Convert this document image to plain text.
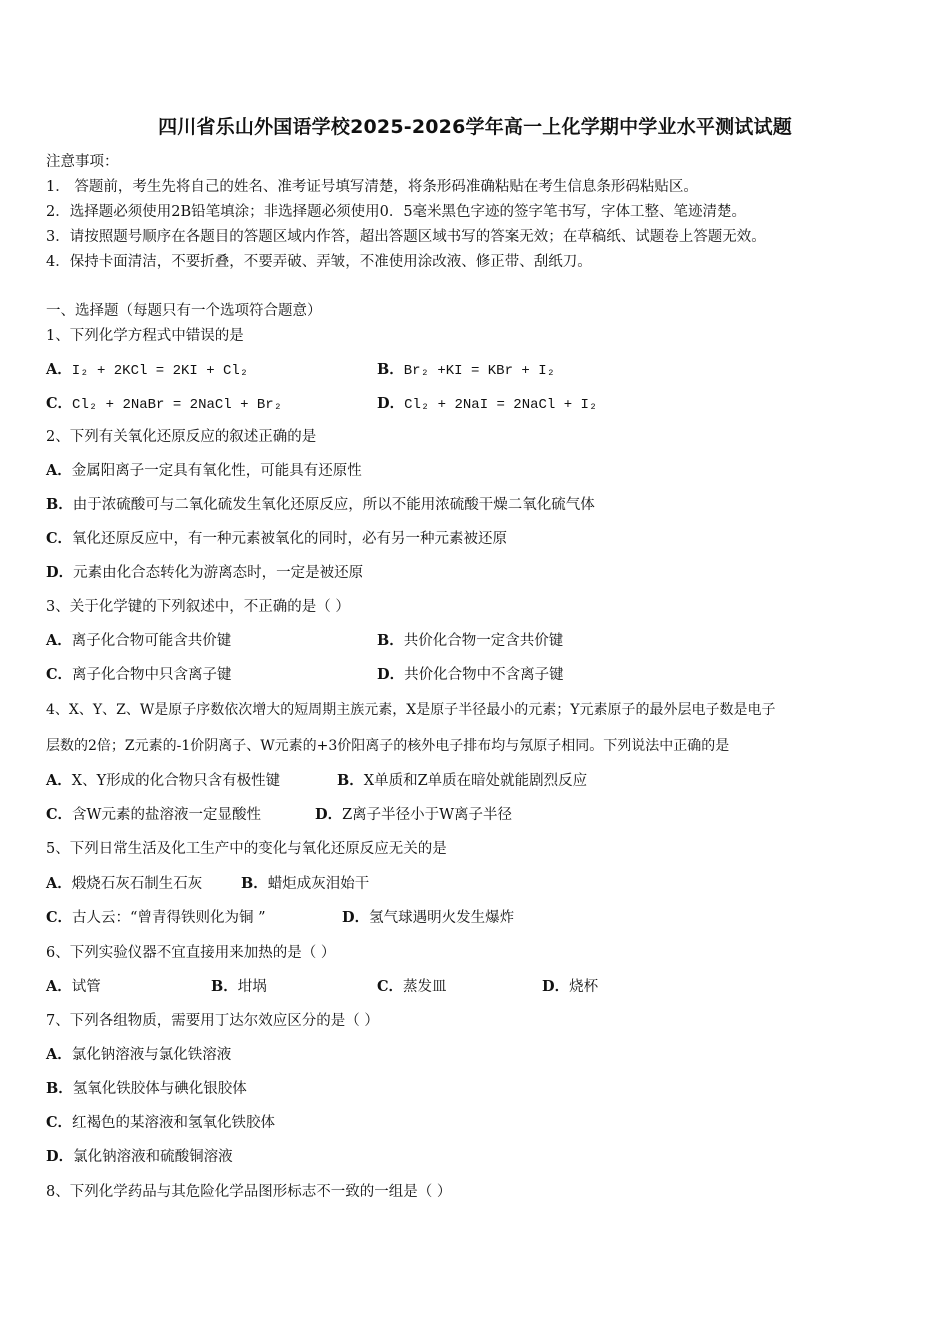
四川省乐山外国语学校2025-2026学年高一上化学期中学业水平测试试题
注意事项：
1． 答题前，考生先将自己的姓名、准考证号填写清楚，将条形码准确粘贴在考生信息条形码粘贴区。
2．选择题必须使用2B铅笔填涂；非选择题必须使用0．5毫米黑色字迹的签字笔书写，字体工整、笔迹清楚。
3．请按照题号顺序在各题目的答题区域内作答，超出答题区域书写的答案无效；在草稿纸、试题卷上答题无效。
4．保持卡面清洁，不要折叠，不要弄破、弄皱，不准使用涂改液、修正带、刮纸刀。
一、选择题（每题只有一个选项符合题意）
1、下列化学方程式中错误的是
A．I₂ + 2KCl = 2KI + Cl₂	B．Br₂ +KI = KBr + I₂
C．Cl₂ + 2NaBr = 2NaCl + Br₂	D．Cl₂ + 2NaI = 2NaCl + I₂
2、下列有关氧化还原反应的叙述正确的是
A．金属阳离子一定具有氧化性，可能具有还原性
B．由于浓硫酸可与二氧化硫发生氧化还原反应，所以不能用浓硫酸干燥二氧化硫气体
C．氧化还原反应中，有一种元素被氧化的同时，必有另一种元素被还原
D．元素由化合态转化为游离态时，一定是被还原
3、关于化学键的下列叙述中，不正确的是（ ）
A．离子化合物可能含共价键	B．共价化合物一定含共价键
C．离子化合物中只含离子键	D．共价化合物中不含离子键
4、X、Y、Z、W是原子序数依次增大的短周期主族元素，X是原子半径最小的元素；Y元素原子的最外层电子数是电子
层数的2倍；Z元素的-1价阴离子、W元素的+3价阳离子的核外电子排布均与氖原子相同。下列说法中正确的是
A．X、Y形成的化合物只含有极性键	B．X单质和Z单质在暗处就能剧烈反应
C．含W元素的盐溶液一定显酸性	D．Z离子半径小于W离子半径
5、下列日常生活及化工生产中的变化与氧化还原反应无关的是
A．煅烧石灰石制生石灰	B．蜡炬成灰泪始干
C．古人云：“曾青得铁则化为铜 ”	D．氢气球遇明火发生爆炸
6、下列实验仪器不宜直接用来加热的是（ ）
A．试管	B．坩埚	C．蒸发皿	D．烧杯
7、下列各组物质，需要用丁达尔效应区分的是（ ）
A．氯化钠溶液与氯化铁溶液
B．氢氧化铁胶体与碘化银胶体
C．红褐色的某溶液和氢氧化铁胶体
D．氯化钠溶液和硫酸铜溶液
8、下列化学药品与其危险化学品图形标志不一致的一组是（ ）
